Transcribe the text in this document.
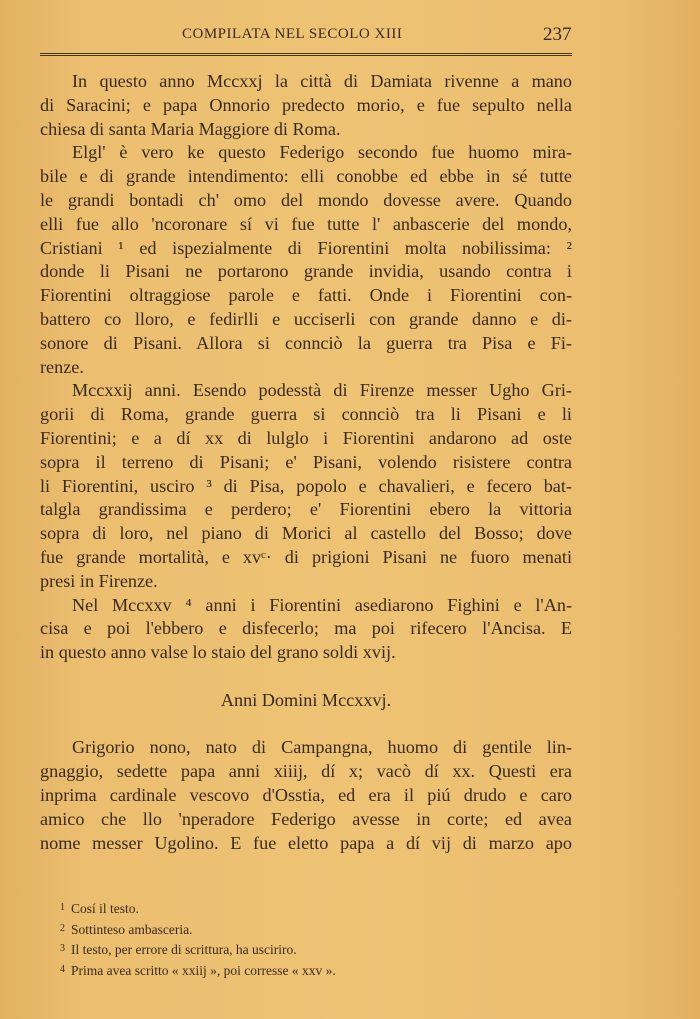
COMPILATA NEL SECOLO XIII	237
In questo anno Mccxxj la città di Damiata rivenne a mano
di Saracini; e papa Onnorio predecto morio, e fue sepulto nella
chiesa di santa Maria Maggiore di Roma.
Elgl' è vero ke questo Federigo secondo fue huomo mira-
bile e di grande intendimento: elli conobbe ed ebbe in sé tutte
le grandi bontadi ch' omo del mondo dovesse avere. Quando
elli fue allo 'ncoronare sí vi fue tutte l' anbascerie del mondo,
Cristiani ¹ ed ispezialmente di Fiorentini molta nobilissima: ²
donde li Pisani ne portarono grande invidia, usando contra i
Fiorentini oltraggiose parole e fatti. Onde i Fiorentini con-
battero co lloro, e fedirlli e ucciserli con grande danno e di-
sonore di Pisani. Allora si connciò la guerra tra Pisa e Fi-
renze.
Mccxxij anni. Esendo podesstà di Firenze messer Ugho Gri-
gorii di Roma, grande guerra si connciò tra li Pisani e li
Fiorentini; e a dí xx di lulglo i Fiorentini andarono ad oste
sopra il terreno di Pisani; e' Pisani, volendo risistere contra
li Fiorentini, usciro ³ di Pisa, popolo e chavalieri, e fecero bat-
talgla grandissima e perdero; e' Fiorentini ebero la vittoria
sopra di loro, nel piano di Morici al castello del Bosso; dove
fue grande mortalità, e xvᶜ· di prigioni Pisani ne fuoro menati
presi in Firenze.
Nel Mccxxv ⁴ anni i Fiorentini asediarono Fighini e l'An-
cisa e poi l'ebbero e disfecerlo; ma poi rifecero l'Ancisa. E
in questo anno valse lo staio del grano soldi xvij.
Anni Domini Mccxxvj.
Grigorio nono, nato di Campangna, huomo di gentile lin-
gnaggio, sedette papa anni xiiij, dí x; vacò dí xx. Questi era
inprima cardinale vescovo d'Osstia, ed era il piú drudo e caro
amico che llo 'nperadore Federigo avesse in corte; ed avea
nome messer Ugolino. E fue eletto papa a dí vij di marzo apo
$^1$ Cosí il testo.
$^2$ Sottinteso ambasceria.
$^3$ Il testo, per errore di scrittura, ha usciriro.
$^4$ Prima avea scritto « xxiij », poi corresse « xxv ».
